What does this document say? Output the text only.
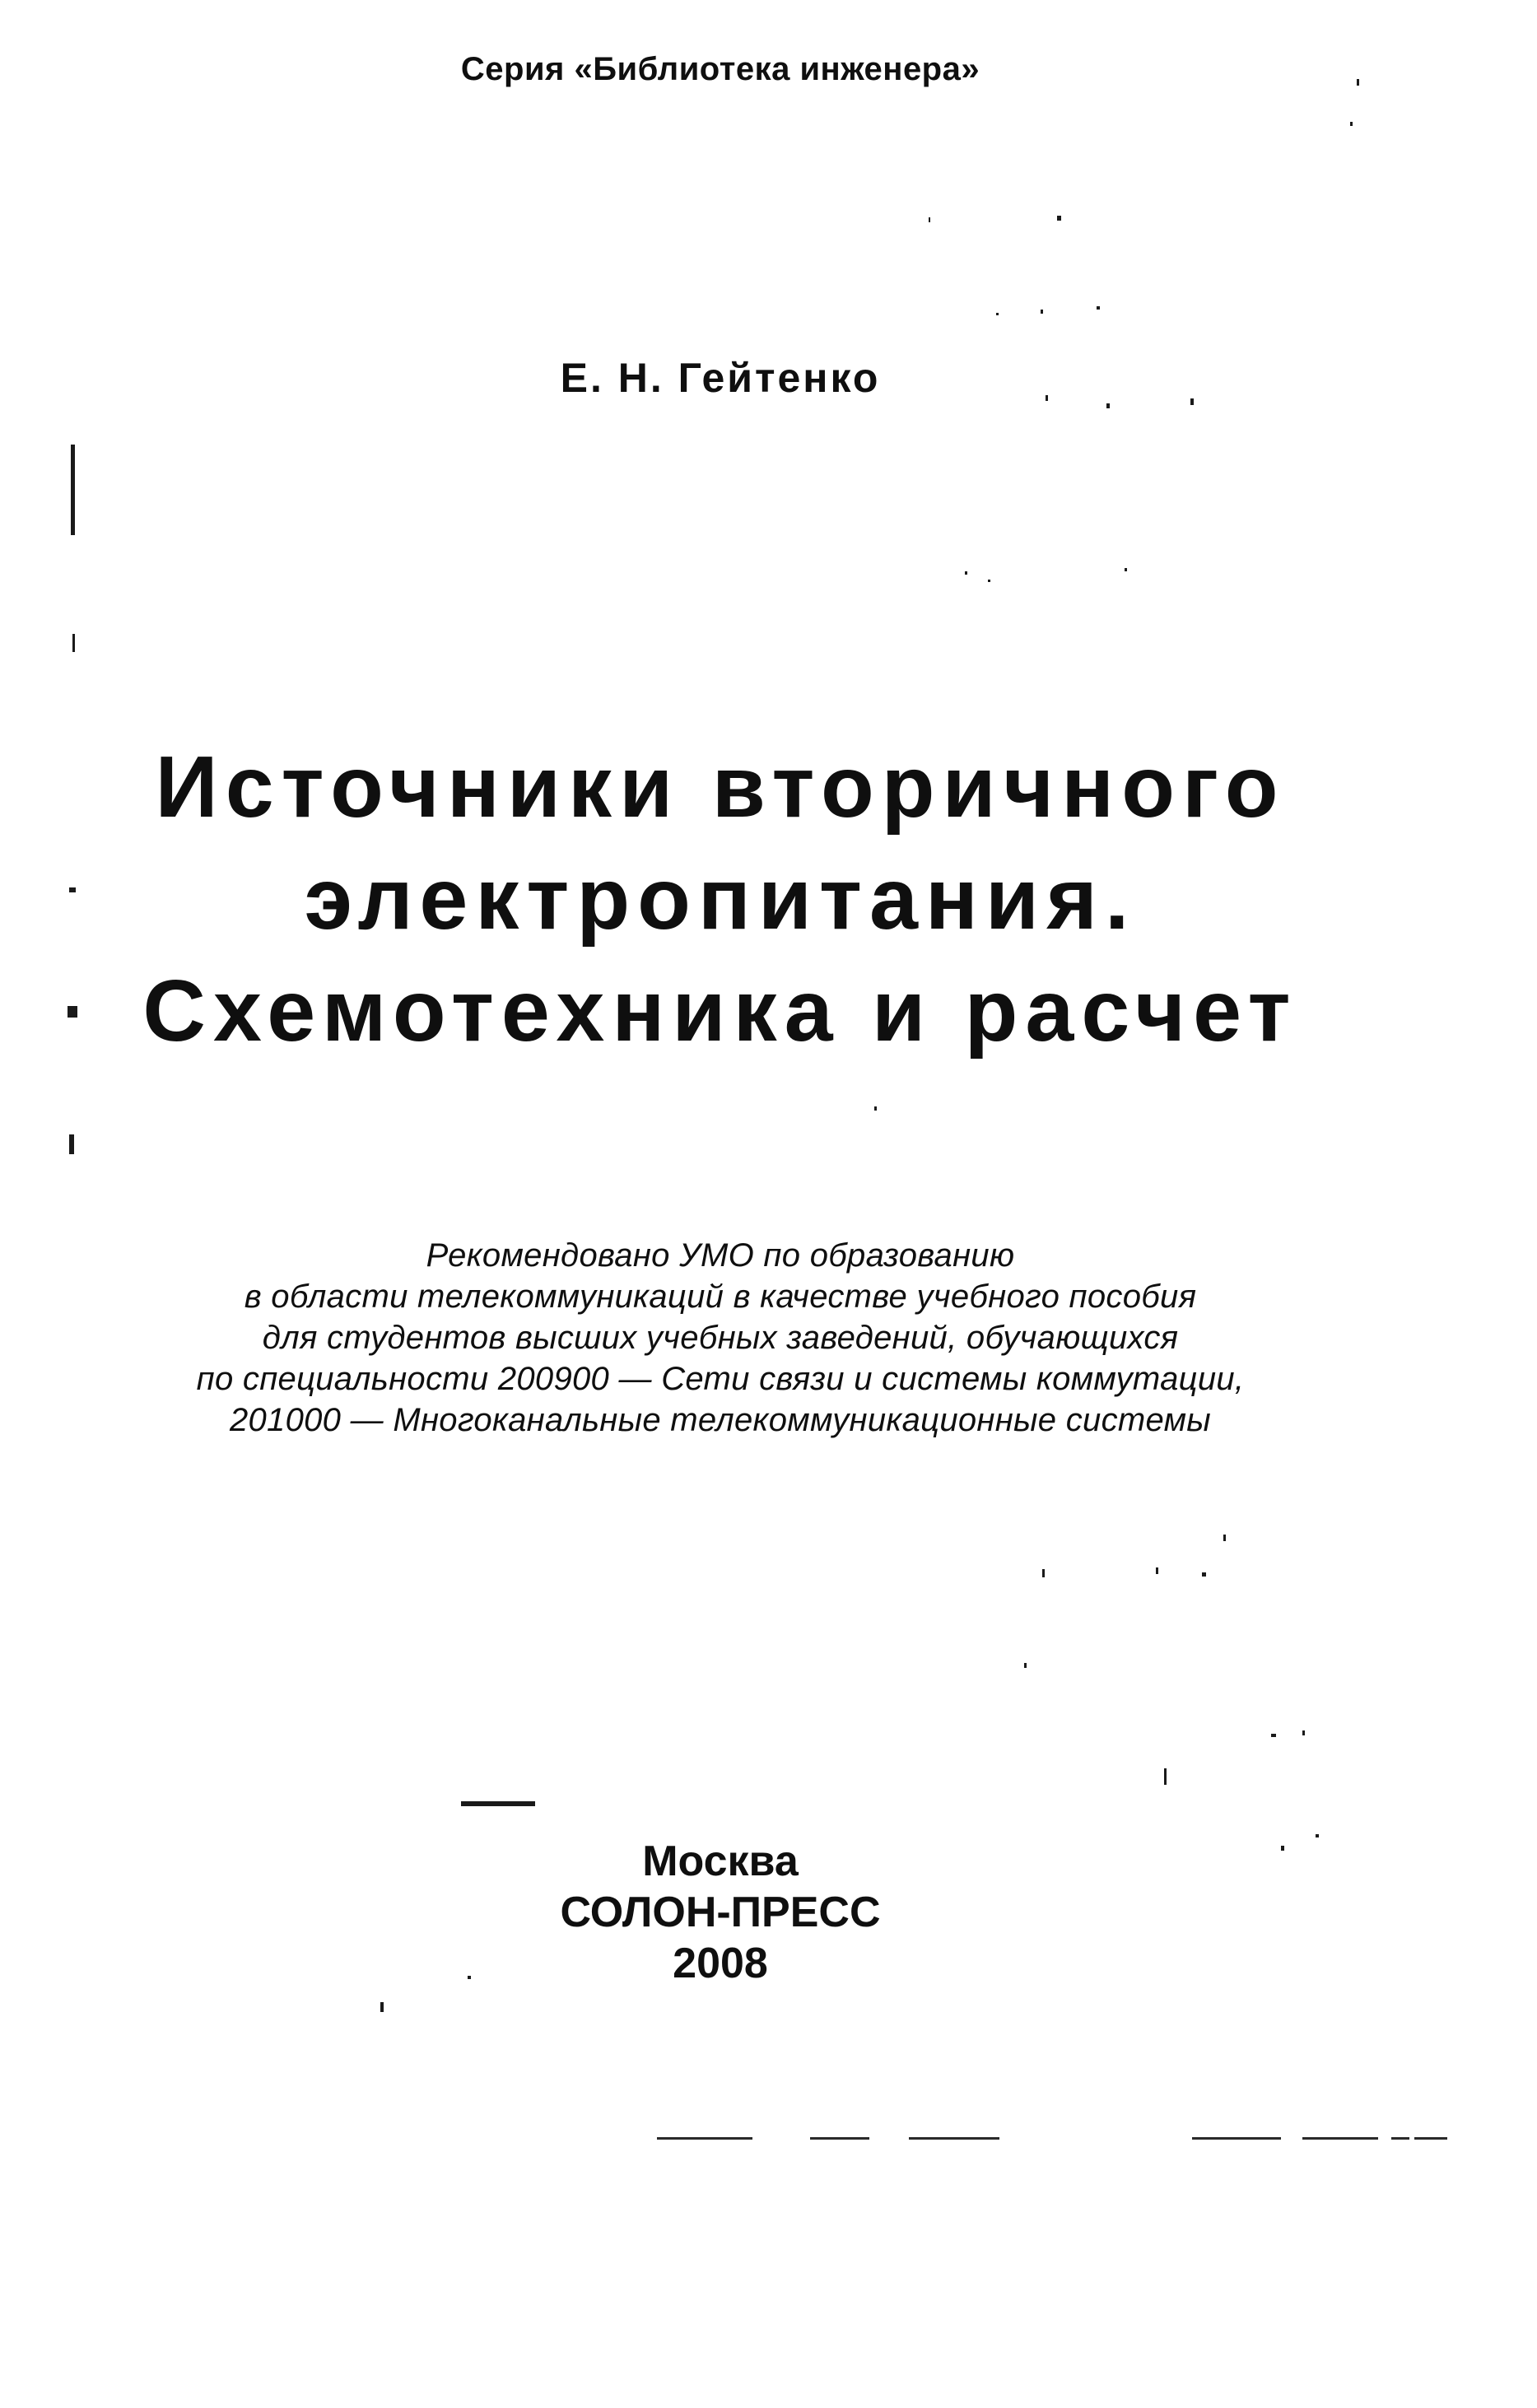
Серия «Библиотека инженера»
Е. Н. Гейтенко
Источники вторичного
электропитания.
Схемотехника и расчет
Рекомендовано УМО по образованию
в области телекоммуникаций в качестве учебного пособия
для студентов высших учебных заведений, обучающихся
по специальности 200900 — Сети связи и системы коммутации,
201000 — Многоканальные телекоммуникационные системы
Москва
СОЛОН-ПРЕСС
2008
